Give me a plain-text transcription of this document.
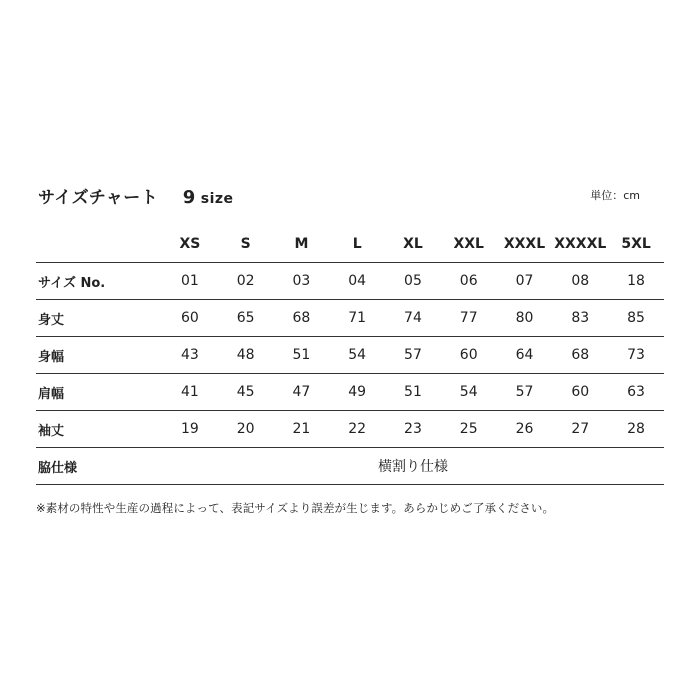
サイズチャート 9 size	単位：cm
	XS	S	M	L	XL	XXL	XXXL	XXXXL	5XL
サイズ No.	01	02	03	04	05	06	07	08	18
身丈	60	65	68	71	74	77	80	83	85
身幅	43	48	51	54	57	60	64	68	73
肩幅	41	45	47	49	51	54	57	60	63
袖丈	19	20	21	22	23	25	26	27	28
脇仕様	横割り仕様								
※素材の特性や生産の過程によって、表記サイズより誤差が生じます。あらかじめご了承ください。
